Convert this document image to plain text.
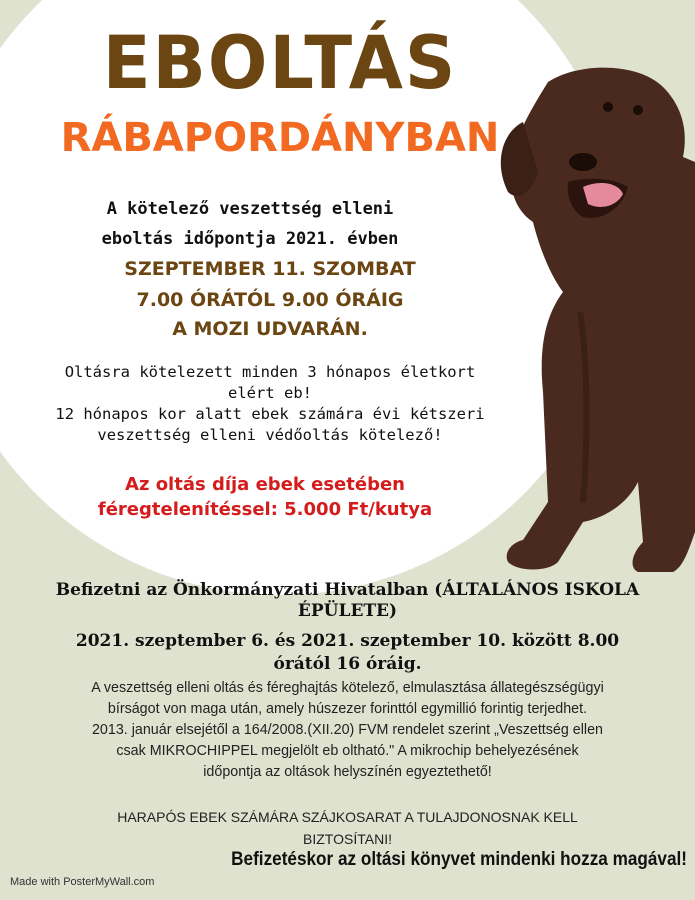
EBOLTÁS
RÁBAPORDÁNYBAN
A kötelező veszettség elleni
eboltás időpontja 2021. évben
SZEPTEMBER 11. SZOMBAT
7.00 ÓRÁTÓL 9.00 ÓRÁIG
A MOZI UDVARÁN.
Oltásra kötelezett minden 3 hónapos életkort
elért eb!
12 hónapos kor alatt ebek számára évi kétszeri
veszettség elleni védőoltás kötelező!
Az oltás díja ebek esetében
féregtelenítéssel: 5.000 Ft/kutya
Befizetni az Önkormányzati Hivatalban (ÁLTALÁNOS ISKOLA
ÉPÜLETE)
2021. szeptember 6. és 2021. szeptember 10. között 8.00
órától 16 óráig.
A veszettség elleni oltás és féreghajtás kötelező, elmulasztása állategészségügyi
bírságot von maga után, amely húszezer forinttól egymillió forintig terjedhet.
2013. január elsejétől a 164/2008.(XII.20) FVM rendelet szerint „Veszettség ellen
csak MIKROCHIPPEL megjelölt eb oltható." A mikrochip behelyezésének
időpontja az oltások helyszínén egyeztethető!
HARAPÓS EBEK SZÁMÁRA SZÁJKOSARAT A TULAJDONOSNAK KELL
BIZTOSÍTANI!
Befizetéskor az oltási könyvet mindenki hozza magával!
Made with PosterMyWall.com
